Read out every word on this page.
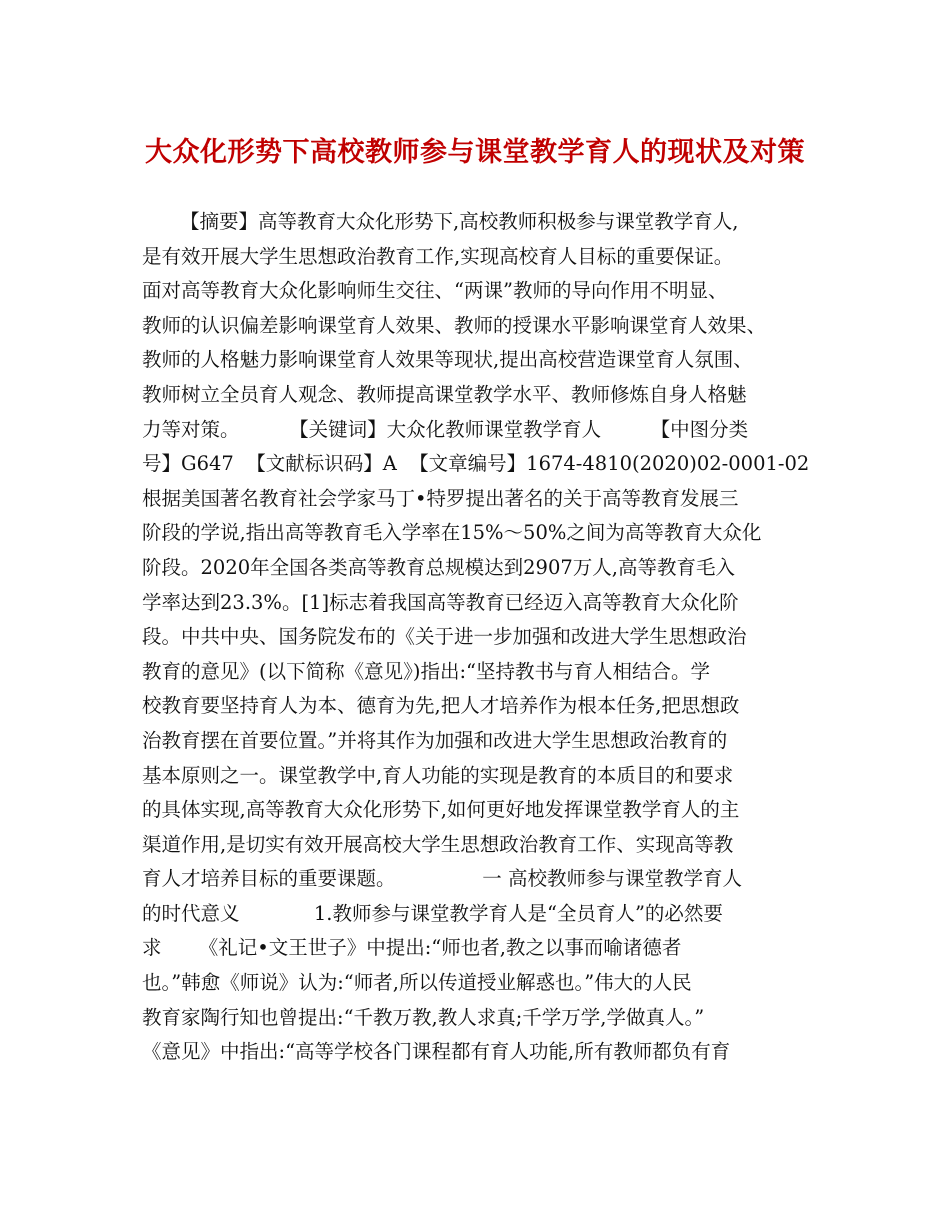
大众化形势下高校教师参与课堂教学育人的现状及对策
【摘要】高等教育大众化形势下,高校教师积极参与课堂教学育人,
是有效开展大学生思想政治教育工作,实现高校育人目标的重要保证。
面对高等教育大众化影响师生交往、“两课”教师的导向作用不明显、
教师的认识偏差影响课堂育人效果、教师的授课水平影响课堂育人效果、
教师的人格魅力影响课堂育人效果等现状,提出高校营造课堂育人氛围、
教师树立全员育人观念、教师提高课堂教学水平、教师修炼自身人格魅
力等对策。        【关键词】大众化教师课堂教学育人        【中图分类
号】G647  【文献标识码】A  【文章编号】1674-4810(2020)02-0001-02
根据美国著名教育社会学家马丁•特罗提出著名的关于高等教育发展三
阶段的学说,指出高等教育毛入学率在15%～50%之间为高等教育大众化
阶段。2020年全国各类高等教育总规模达到2907万人,高等教育毛入
学率达到23.3%。[1]标志着我国高等教育已经迈入高等教育大众化阶
段。中共中央、国务院发布的《关于进一步加强和改进大学生思想政治
教育的意见》(以下简称《意见》)指出:“坚持教书与育人相结合。学
校教育要坚持育人为本、德育为先,把人才培养作为根本任务,把思想政
治教育摆在首要位置。”并将其作为加强和改进大学生思想政治教育的
基本原则之一。课堂教学中,育人功能的实现是教育的本质目的和要求
的具体实现,高等教育大众化形势下,如何更好地发挥课堂教学育人的主
渠道作用,是切实有效开展高校大学生思想政治教育工作、实现高等教
育人才培养目标的重要课题。              一 高校教师参与课堂教学育人
的时代意义            1.教师参与课堂教学育人是“全员育人”的必然要
求      《礼记•文王世子》中提出:“师也者,教之以事而喻诸德者
也。”韩愈《师说》认为:“师者,所以传道授业解惑也。”伟大的人民
教育家陶行知也曾提出:“千教万教,教人求真;千学万学,学做真人。”
《意见》中指出:“高等学校各门课程都有育人功能,所有教师都负有育
